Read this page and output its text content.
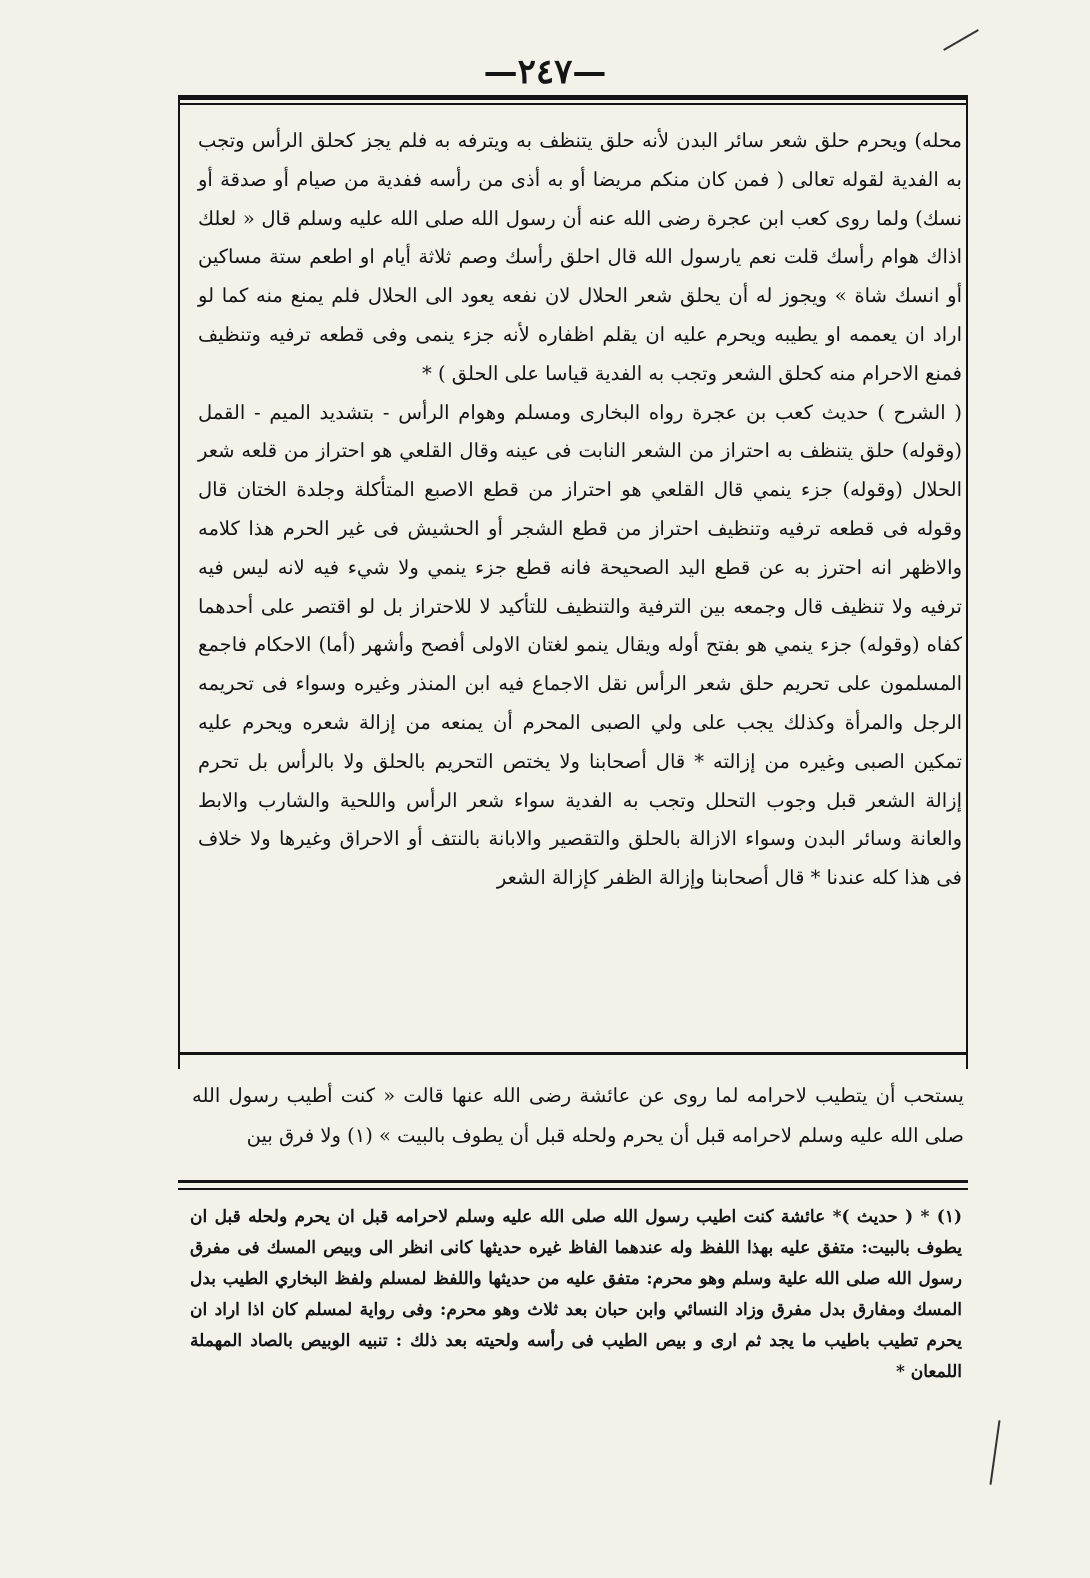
—٢٤٧—

محله) ويحرم حلق شعر سائر البدن لأنه حلق يتنظف به ويترفه به فلم يجز كحلق الرأس وتجب به الفدية لقوله تعالى ( فمن كان منكم مريضا أو به أذى من رأسه ففدية من صيام أو صدقة أو نسك) ولما روى كعب ابن عجرة رضى الله عنه أن رسول الله صلى الله عليه وسلم قال « لعلك اذاك هوام رأسك قلت نعم يارسول الله قال احلق رأسك وصم ثلاثة أيام او اطعم ستة مساكين أو انسك شاة » ويجوز له أن يحلق شعر الحلال لان نفعه يعود الى الحلال فلم يمنع منه كما لو اراد ان يعممه او يطيبه ويحرم عليه ان يقلم اظفاره لأنه جزء ينمى وفى قطعه ترفيه وتنظيف فمنع الاحرام منه كحلق الشعر وتجب به الفدية قياسا على الحلق ) *

( الشرح ) حديث كعب بن عجرة رواه البخارى ومسلم وهوام الرأس - بتشديد الميم - القمل (وقوله) حلق يتنظف به احتراز من الشعر النابت فى عينه وقال القلعي هو احتراز من قلعه شعر الحلال (وقوله) جزء ينمي قال القلعي هو احتراز من قطع الاصبع المتأكلة وجلدة الختان قال وقوله فى قطعه ترفيه وتنظيف احتراز من قطع الشجر أو الحشيش فى غير الحرم هذا كلامه والاظهر انه احترز به عن قطع اليد الصحيحة فانه قطع جزء ينمي ولا شيء فيه لانه ليس فيه ترفيه ولا تنظيف قال وجمعه بين الترفية والتنظيف للتأكيد لا للاحتراز بل لو اقتصر على أحدهما كفاه (وقوله) جزء ينمي هو بفتح أوله ويقال ينمو لغتان الاولى أفصح وأشهر (أما) الاحكام فاجمع المسلمون على تحريم حلق شعر الرأس نقل الاجماع فيه ابن المنذر وغيره وسواء فى تحريمه الرجل والمرأة وكذلك يجب على ولي الصبى المحرم أن يمنعه من إزالة شعره ويحرم عليه تمكين الصبى وغيره من إزالته * قال أصحابنا ولا يختص التحريم بالحلق ولا بالرأس بل تحرم إزالة الشعر قبل وجوب التحلل وتجب به الفدية سواء شعر الرأس واللحية والشارب والابط والعانة وسائر البدن وسواء الازالة بالحلق والتقصير والابانة بالنتف أو الاحراق وغيرها ولا خلاف فى هذا كله عندنا * قال أصحابنا وإزالة الظفر كإزالة الشعر

يستحب أن يتطيب لاحرامه لما روى عن عائشة رضى الله عنها قالت « كنت أطيب رسول الله صلى الله عليه وسلم لاحرامه قبل أن يحرم ولحله قبل أن يطوف بالبيت » (١) ولا فرق بين

(١) * ( حديث )* عائشة كنت اطيب رسول الله صلى الله عليه وسلم لاحرامه قبل ان يحرم ولحله قبل ان يطوف بالبيت: متفق عليه بهذا اللفظ وله عندهما الفاظ غيره حديثها كانى انظر الى وبيص المسك فى مفرق رسول الله صلى الله علية وسلم وهو محرم: متفق عليه من حديثها واللفظ لمسلم ولفظ البخاري الطيب بدل المسك ومفارق بدل مفرق وزاد النسائي وابن حبان بعد ثلاث وهو محرم: وفى رواية لمسلم كان اذا اراد ان يحرم تطيب باطيب ما يجد ثم ارى و بيص الطيب فى رأسه ولحيته بعد ذلك : تنبيه الوبيص بالصاد المهملة اللمعان *
